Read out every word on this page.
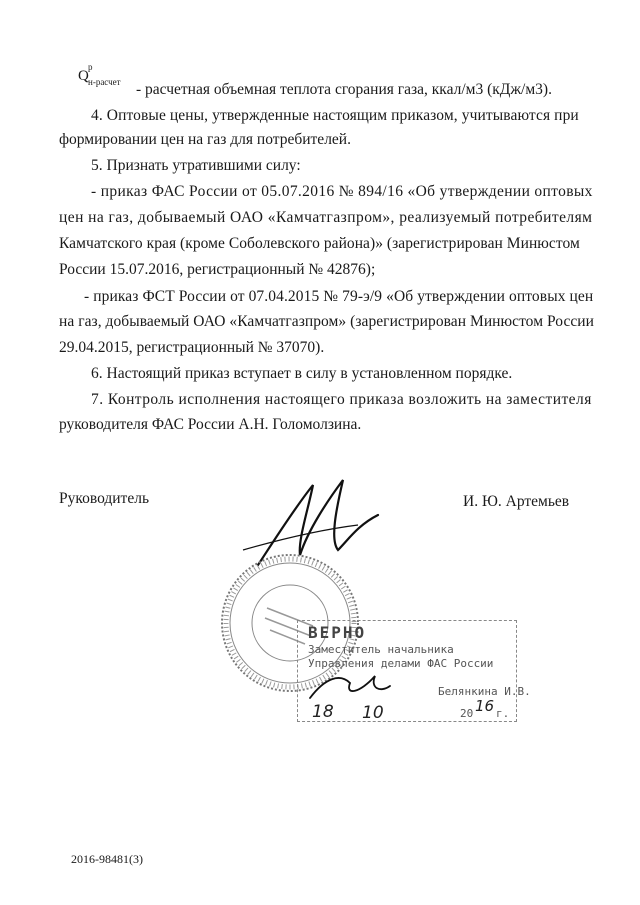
Q
р
н-расчет - расчетная объемная теплота сгорания газа, ккал/м3 (кДж/м3).
4. Оптовые цены, утвержденные настоящим приказом, учитываются при
формировании цен на газ для потребителей.
5. Признать утратившими силу:
- приказ ФАС России от 05.07.2016 № 894/16 «Об утверждении оптовых
цен на газ, добываемый ОАО «Камчатгазпром», реализуемый потребителям
Камчатского края (кроме Соболевского района)» (зарегистрирован Минюстом
России 15.07.2016, регистрационный № 42876);
- приказ ФСТ России от 07.04.2015 № 79-э/9 «Об утверждении оптовых цен
на газ, добываемый ОАО «Камчатгазпром» (зарегистрирован Минюстом России
29.04.2015, регистрационный № 37070).
6. Настоящий приказ вступает в силу в установленном порядке.
7. Контроль исполнения настоящего приказа возложить на заместителя
руководителя ФАС России А.Н. Голомолзина.
Руководитель	И. Ю. Артемьев
ВЕРНО
Заместитель начальника
Управления делами ФАС России
Белянкина И.В.
20 г.
18 10	16
2016-98481(3)
